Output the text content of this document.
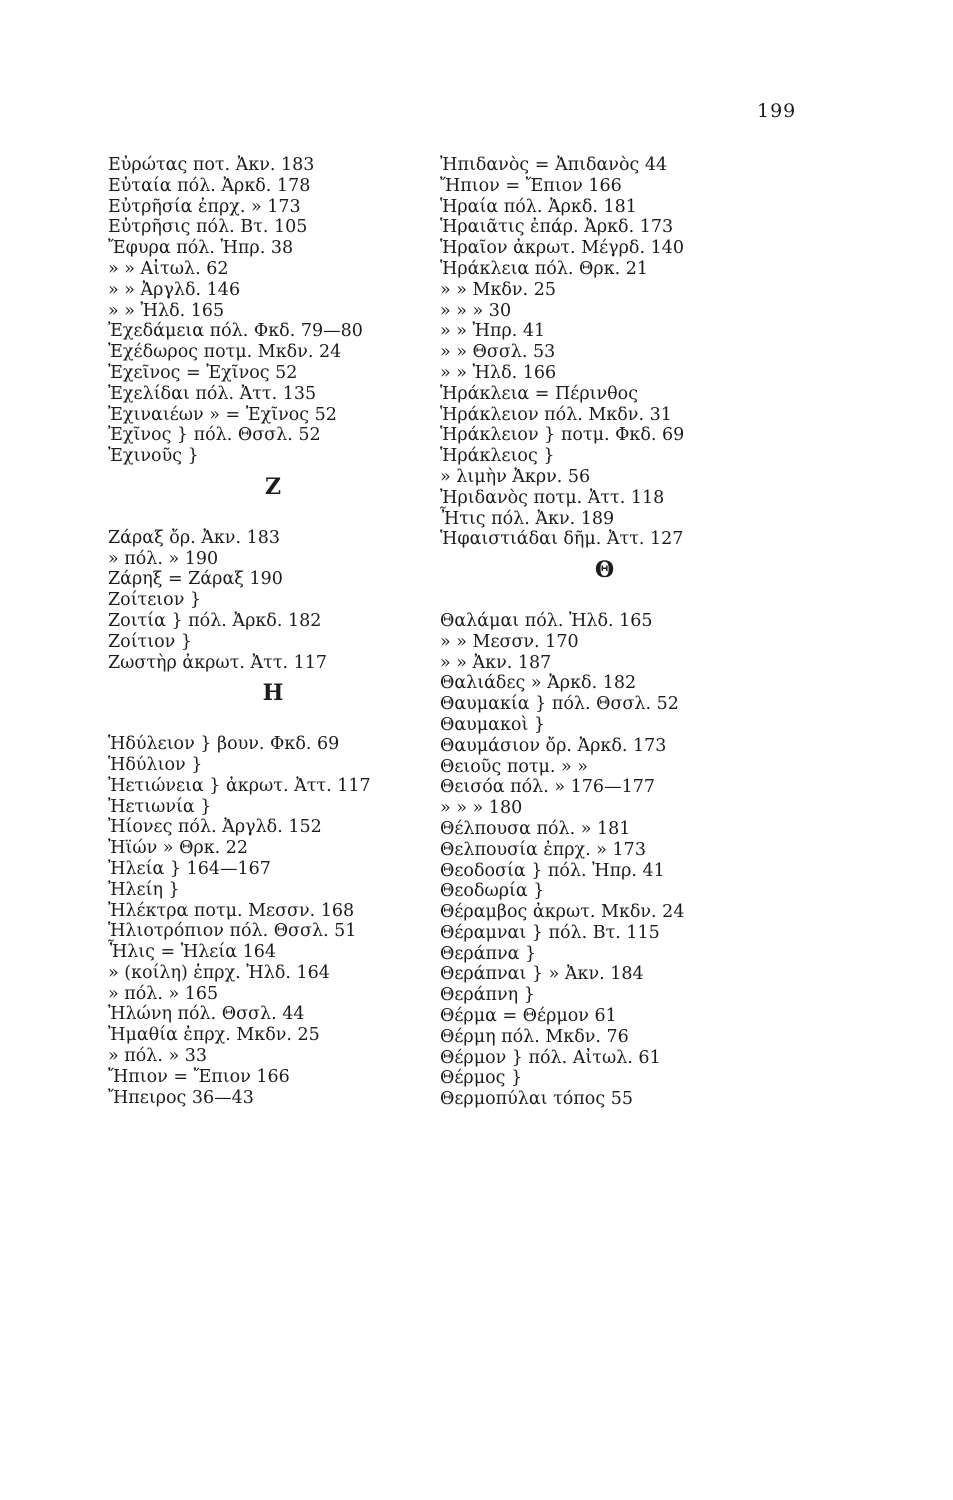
199
Εὐρώτας ποτ. Ἀκν. 183
Εὐταία πόλ. Ἀρκδ. 178
Εὐτρῆσία ἐπρχ. » 173
Εὐτρῆσις πόλ. Βτ. 105
Ἔφυρα πόλ. Ἠπρ. 38
» » Αἰτωλ. 62
» » Ἀργλδ. 146
» » Ἠλδ. 165
Ἐχεδάμεια πόλ. Φκδ. 79—80
Ἐχέδωρος ποτμ. Μκδν. 24
Ἐχεῖνος = Ἐχῖνος 52
Ἐχελίδαι πόλ. Ἀττ. 135
Ἐχιναιέων » = Ἐχῖνος 52
Ἐχῖνος } πόλ. Θσσλ. 52
Ἐχινοῦς }
Z
Ζάραξ ὄρ. Ἀκν. 183
» πόλ. » 190
Ζάρηξ = Ζάραξ 190
Ζοίτειον }
Ζοιτία } πόλ. Ἀρκδ. 182
Ζοίτιον }
Ζωστὴρ ἀκρωτ. Ἀττ. 117
H
Ἡδύλειον } βουν. Φκδ. 69
Ἡδύλιον }
Ἠετιώνεια } ἀκρωτ. Ἀττ. 117
Ἠετιωνία }
Ἠίονες πόλ. Ἀργλδ. 152
Ἠϊών » Θρκ. 22
Ἠλεία } 164—167
Ἠλείη }
Ἠλέκτρα ποτμ. Μεσσν. 168
Ἡλιοτρόπιον πόλ. Θσσλ. 51
Ἦλις = Ἠλεία 164
» (κοίλη) ἐπρχ. Ἠλδ. 164
» πόλ. » 165
Ἠλώνη πόλ. Θσσλ. 44
Ἠμαθία ἐπρχ. Μκδν. 25
» πόλ. » 33
Ἤπιον = Ἔπιον 166
Ἤπειρος 36—43
Ἠπιδανὸς = Ἀπιδανὸς 44
Ἤπιον = Ἔπιον 166
Ἡραία πόλ. Ἀρκδ. 181
Ἡραιᾶτις ἐπάρ. Ἀρκδ. 173
Ἡραῖον ἀκρωτ. Μέγρδ. 140
Ἡράκλεια πόλ. Θρκ. 21
» » Μκδν. 25
» » » 30
» » Ἠπρ. 41
» » Θσσλ. 53
» » Ἠλδ. 166
Ἡράκλεια = Πέρινθος
Ἡράκλειον πόλ. Μκδν. 31
Ἡράκλειον } ποτμ. Φκδ. 69
Ἡράκλειος }
» λιμὴν Ἀκρν. 56
Ἠριδανὸς ποτμ. Ἀττ. 118
Ἦτις πόλ. Ἀκν. 189
Ἡφαιστιάδαι δῆμ. Ἀττ. 127
Θ
Θαλάμαι πόλ. Ἠλδ. 165
» » Μεσσν. 170
» » Ἀκν. 187
Θαλιάδες » Ἀρκδ. 182
Θαυμακία } πόλ. Θσσλ. 52
Θαυμακοὶ }
Θαυμάσιον ὄρ. Ἀρκδ. 173
Θειοῦς ποτμ. » »
Θεισόα πόλ. » 176—177
» » » 180
Θέλπουσα πόλ. » 181
Θελπουσία ἐπρχ. » 173
Θεοδοσία } πόλ. Ἠπρ. 41
Θεοδωρία }
Θέραμβος ἀκρωτ. Μκδν. 24
Θέραμναι } πόλ. Βτ. 115
Θεράπνα }
Θεράπναι } » Ἀκν. 184
Θεράπνη }
Θέρμα = Θέρμον 61
Θέρμη πόλ. Μκδν. 76
Θέρμον } πόλ. Αἰτωλ. 61
Θέρμος }
Θερμοπύλαι τόπος 55
